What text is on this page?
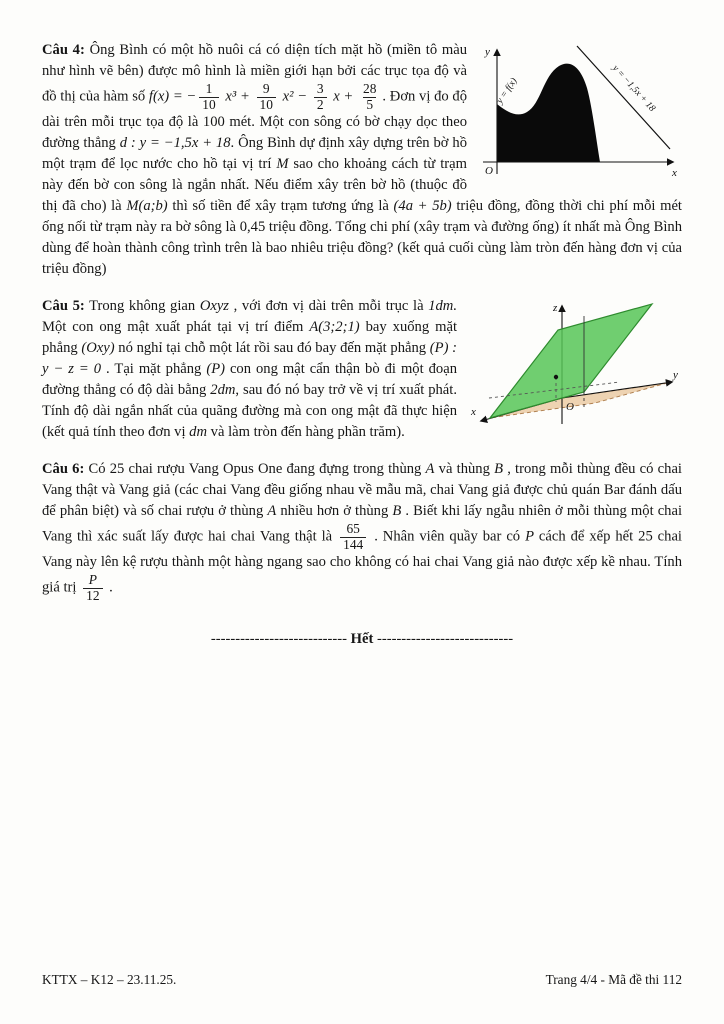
y
x
O
y = f(x)	y = −1,5x + 18
Câu 4: Ông Bình có một hồ nuôi cá có diện tích mặt hồ (miền tô màu như hình vẽ bên) được mô hình là miền giới hạn bởi các trục tọa độ và đồ thị của hàm số f(x) = − $\frac{1}{10} x^3 + \frac{9}{10} x^2 - \frac{3}{2}$ $x + \frac{28}{5}$ . Đơn vị đo độ dài trên mỗi trục tọa độ là 100 mét. Một con sông có bờ chạy dọc theo đường thẳng d : y = −1,5x + 18. Ông Bình dự định xây dựng trên bờ hồ một trạm để lọc nước cho hồ tại vị trí M sao cho khoảng cách từ trạm này đến bờ con sông là ngắn nhất. Nếu điểm xây trên bờ hồ (thuộc đồ thị đã cho) là M(a;b) thì số tiền để xây trạm tương ứng là (4a + 5b) triệu đồng, đồng thời chi phí mỗi mét ống nối từ trạm này ra bờ sông là 0,45 triệu đồng. Tổng chi phí (xây trạm và đường ống) ít nhất mà Ông Bình dùng để hoàn thành công trình trên là bao nhiêu triệu đồng? (kết quả cuối cùng làm tròn đến hàng đơn vị của triệu đồng)

z
y
x	O
Câu 5: Trong không gian Oxyz , với đơn vị dài trên mỗi trục là 1dm. Một con ong mật xuất phát tại vị trí điểm A(3;2;1) bay xuống mặt phẳng (Oxy) nó nghỉ tại chỗ một lát rồi sau đó bay đến mặt phẳng (P) : y − z = 0 . Tại mặt phẳng (P) con ong mật cẩn thận bò đi một đoạn đường thẳng có độ dài bằng 2dm, sau đó nó bay trở về vị trí xuất phát. Tính độ dài ngắn nhất của quãng đường mà con ong mật đã thực hiện (kết quả tính theo đơn vị dm và làm tròn đến hàng phần trăm).

Câu 6: Có 25 chai rượu Vang Opus One đang đựng trong thùng A và thùng B , trong mỗi thùng đều có chai Vang thật và Vang giả (các chai Vang đều giống nhau về mẫu mã, chai Vang giả được chủ quán Bar đánh dấu để phân biệt) và số chai rượu ở thùng A nhiều hơn ở thùng B . Biết khi lấy ngẫu nhiên ở mỗi thùng một chai Vang thì xác suất lấy được hai chai Vang thật là $\frac{65}{144}$ . Nhân viên quầy bar có P cách để xếp hết 25 chai Vang này lên kệ rượu thành một hàng ngang sao cho không có hai chai Vang giả nào được xếp kề nhau. Tính giá trị $\frac{P}{12}$ .

---------------------------- Hết ----------------------------
KTTX – K12 – 23.11.25.	Trang 4/4 - Mã đề thi 112
